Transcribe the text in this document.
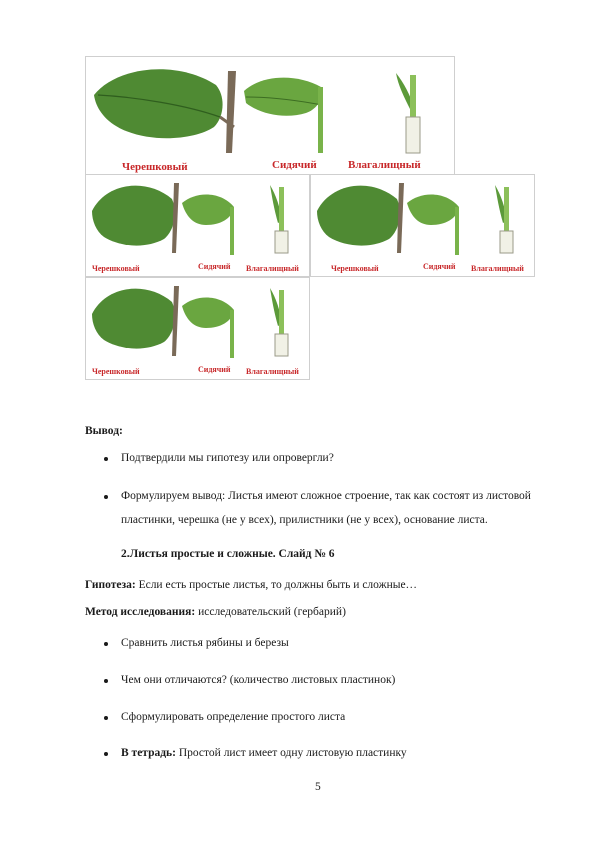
Черешковый	Сидячий	Влагалищный
Черешковый	Сидячий Влагалищный	Черешковый	Сидячий Влагалищный
Черешковый	Сидячий Влагалищный
Вывод:
Подтвердили мы гипотезу или опровергли?
Формулируем вывод: Листья имеют сложное строение, так как состоят из листовой
пластинки, черешка (не у всех), прилистники (не у всех), основание листа.
2.Листья простые и сложные. Слайд № 6
Гипотеза: Если есть простые листья, то должны быть и сложные…
Метод исследования: исследовательский (гербарий)
Сравнить листья рябины и березы
Чем они отличаются? (количество листовых пластинок)
Сформулировать определение простого листа
В тетрадь: Простой лист имеет одну листовую пластинку
5
